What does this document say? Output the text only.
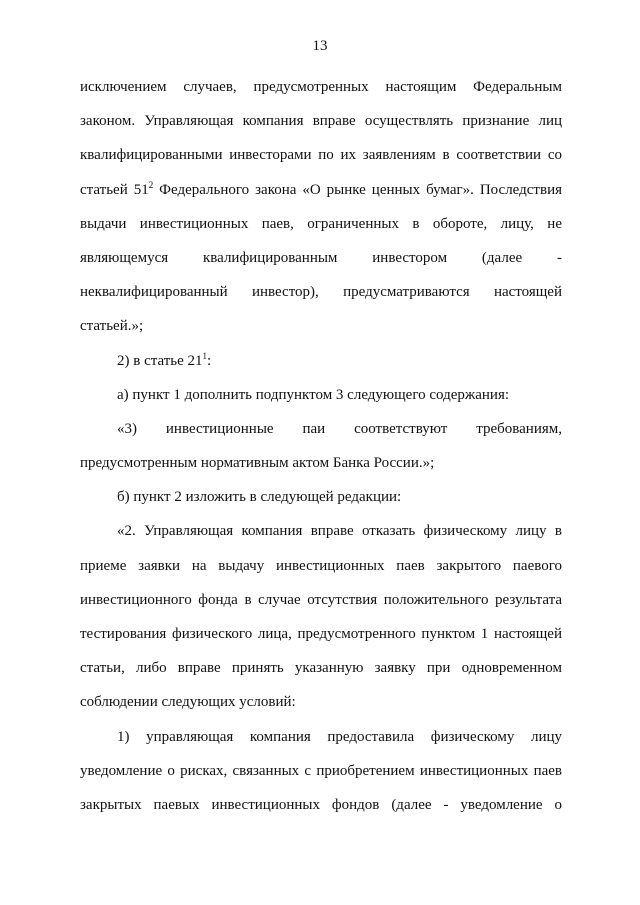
13
исключением случаев, предусмотренных настоящим Федеральным
законом. Управляющая компания вправе осуществлять признание лиц
квалифицированными инвесторами по их заявлениям в соответствии со
статьей $51^2$ Федерального закона «О рынке ценных бумаг». Последствия
выдачи инвестиционных паев, ограниченных в обороте, лицу, не
являющемуся квалифицированным инвестором (далее -
неквалифицированный инвестор), предусматриваются настоящей
статьей.»;
2) в статье $21^1$:
а) пункт 1 дополнить подпунктом 3 следующего содержания:
«3) инвестиционные паи соответствуют требованиям,
предусмотренным нормативным актом Банка России.»;
б) пункт 2 изложить в следующей редакции:
«2. Управляющая компания вправе отказать физическому лицу в
приеме заявки на выдачу инвестиционных паев закрытого паевого
инвестиционного фонда в случае отсутствия положительного результата
тестирования физического лица, предусмотренного пунктом 1 настоящей
статьи, либо вправе принять указанную заявку при одновременном
соблюдении следующих условий:
1) управляющая компания предоставила физическому лицу
уведомление о рисках, связанных с приобретением инвестиционных паев
закрытых паевых инвестиционных фондов (далее - уведомление о
